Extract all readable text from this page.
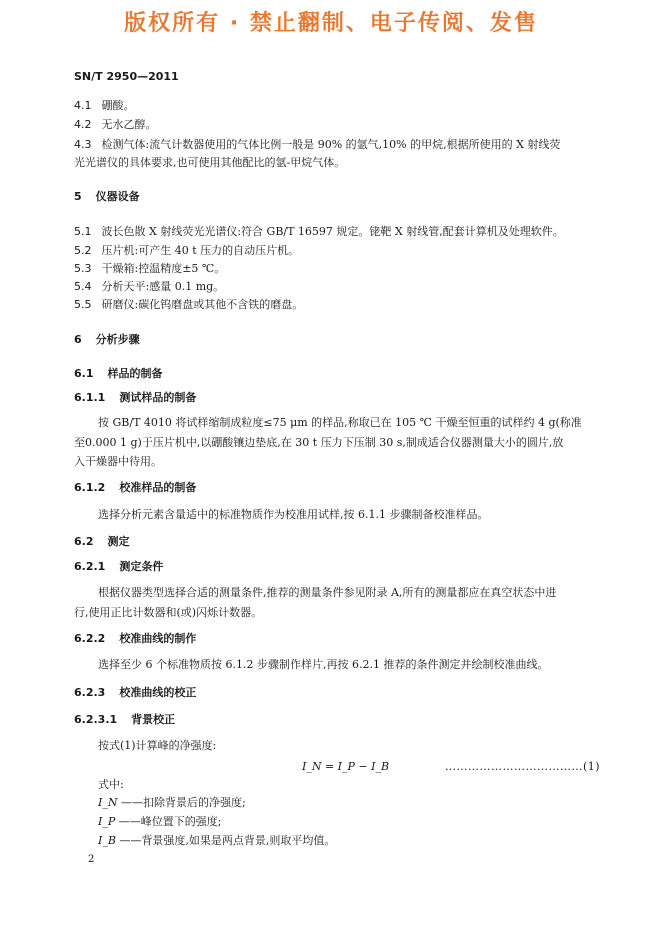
版权所有 · 禁止翻制、电子传阅、发售
SN/T 2950—2011
4.1 硼酸。
4.2 无水乙醇。
4.3 检测气体:流气计数器使用的气体比例一般是 90% 的氩气,10% 的甲烷,根据所使用的 X 射线荧
光光谱仪的具体要求,也可使用其他配比的氩-甲烷气体。
5 仪器设备
5.1 波长色散 X 射线荧光光谱仪:符合 GB/T 16597 规定。铑靶 X 射线管,配套计算机及处理软件。
5.2 压片机:可产生 40 t 压力的自动压片机。
5.3 干燥箱:控温精度±5 ℃。
5.4 分析天平:感量 0.1 mg。
5.5 研磨仪:碳化钨磨盘或其他不含铁的磨盘。
6 分析步骤
6.1 样品的制备
6.1.1 测试样品的制备
按 GB/T 4010 将试样缩制成粒度≤75 μm 的样品,称取已在 105 ℃ 干燥至恒重的试样约 4 g(称准
至0.000 1 g)于压片机中,以硼酸镶边垫底,在 30 t 压力下压制 30 s,制成适合仪器测量大小的圆片,放
入干燥器中待用。
6.1.2 校准样品的制备
选择分析元素含量适中的标准物质作为校准用试样,按 6.1.1 步骤制备校准样品。
6.2 测定
6.2.1 测定条件
根据仪器类型选择合适的测量条件,推荐的测量条件参见附录 A,所有的测量都应在真空状态中进
行,使用正比计数器和(或)闪烁计数器。
6.2.2 校准曲线的制作
选择至少 6 个标准物质按 6.1.2 步骤制作样片,再按 6.2.1 推荐的条件测定并绘制校准曲线。
6.2.3 校准曲线的校正
6.2.3.1 背景校正
按式(1)计算峰的净强度:
I_N = I_P − I_B	………………………………(1)
式中:
I_N ——扣除背景后的净强度;
I_P ——峰位置下的强度;
I_B ——背景强度,如果是两点背景,则取平均值。
2
